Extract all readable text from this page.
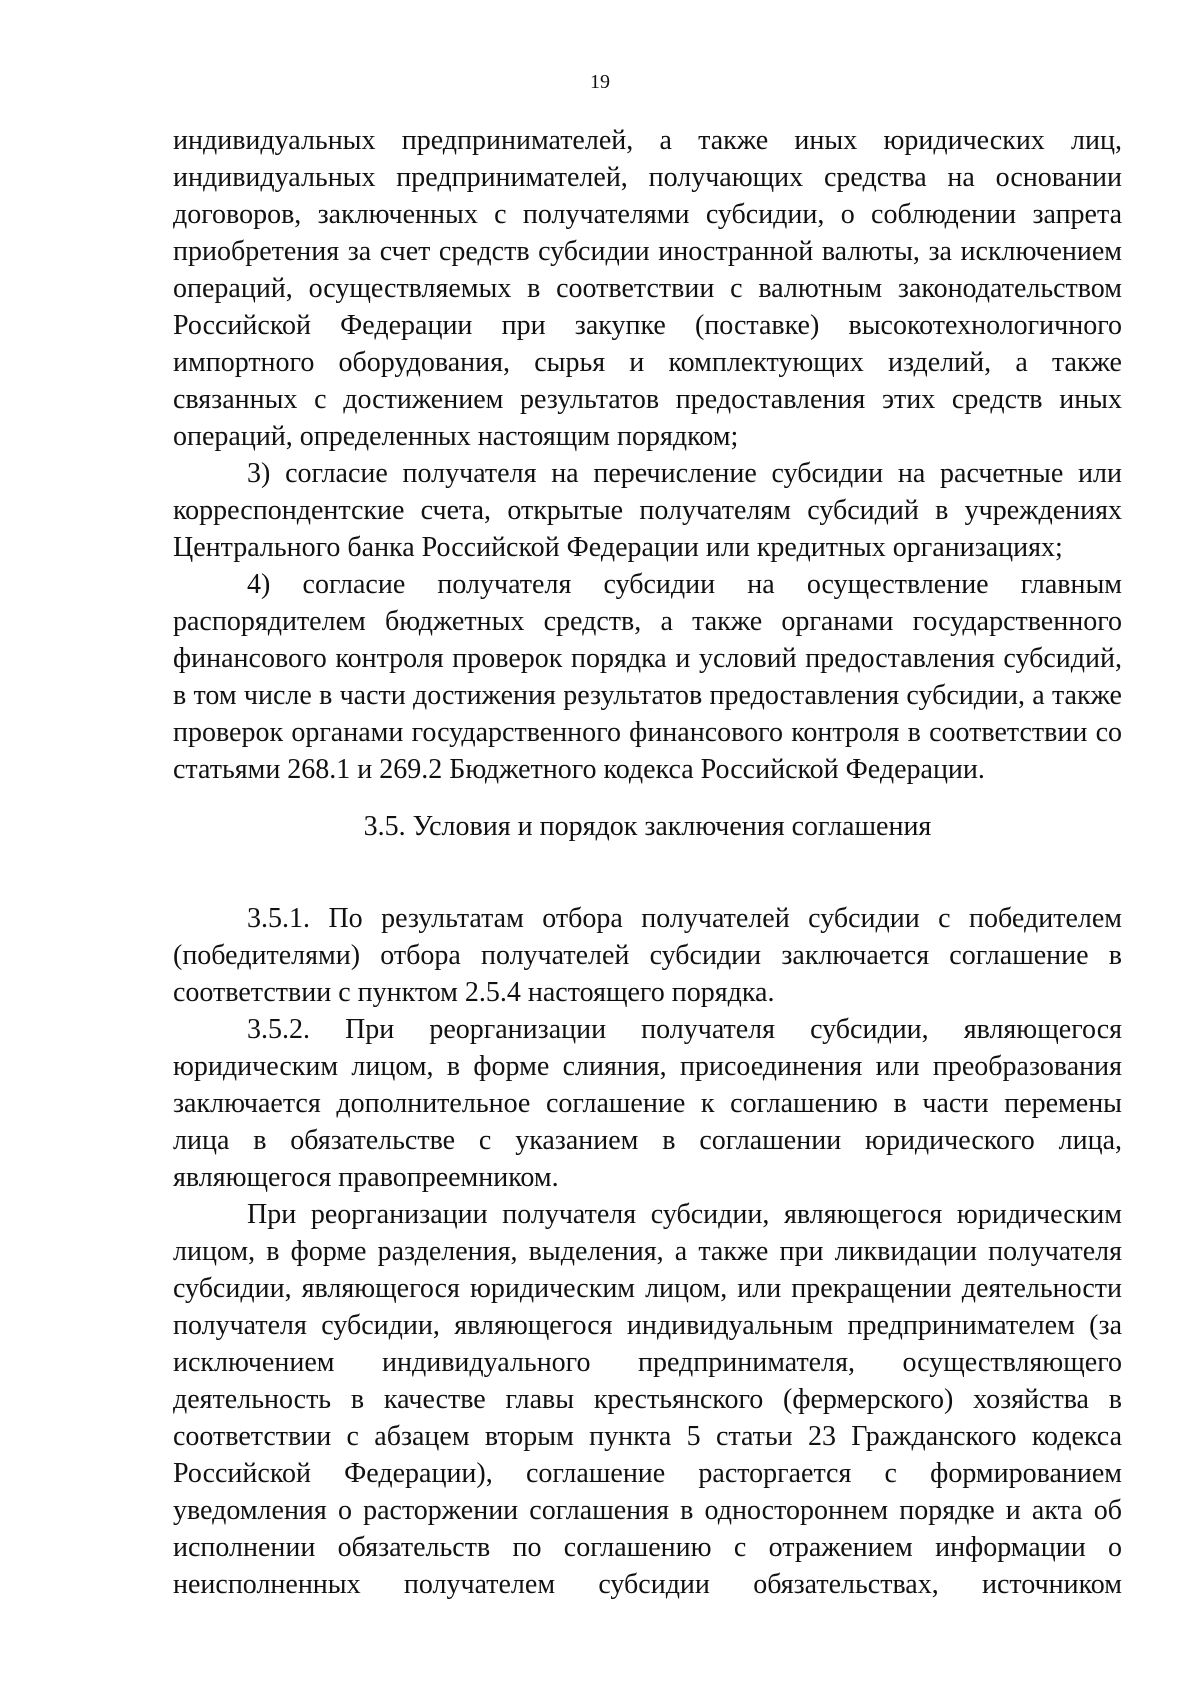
19

индивидуальных предпринимателей, а также иных юридических лиц, индивидуальных предпринимателей, получающих средства на основании договоров, заключенных с получателями субсидии, о соблюдении запрета приобретения за счет средств субсидии иностранной валюты, за исключением операций, осуществляемых в соответствии с валютным законодательством Российской Федерации при закупке (поставке) высокотехнологичного импортного оборудования, сырья и комплектующих изделий, а также связанных с достижением результатов предоставления этих средств иных операций, определенных настоящим порядком;

3) согласие получателя на перечисление субсидии на расчетные или корреспондентские счета, открытые получателям субсидий в учреждениях Центрального банка Российской Федерации или кредитных организациях;

4) согласие получателя субсидии на осуществление главным распорядителем бюджетных средств, а также органами государственного финансового контроля проверок порядка и условий предоставления субсидий, в том числе в части достижения результатов предоставления субсидии, а также проверок органами государственного финансового контроля в соответствии со статьями 268.1 и 269.2 Бюджетного кодекса Российской Федерации.

3.5. Условия и порядок заключения соглашения

3.5.1. По результатам отбора получателей субсидии с победителем (победителями) отбора получателей субсидии заключается соглашение в соответствии с пунктом 2.5.4 настоящего порядка.

3.5.2. При реорганизации получателя субсидии, являющегося юридическим лицом, в форме слияния, присоединения или преобразования заключается дополнительное соглашение к соглашению в части перемены лица в обязательстве с указанием в соглашении юридического лица, являющегося правопреемником.

При реорганизации получателя субсидии, являющегося юридическим лицом, в форме разделения, выделения, а также при ликвидации получателя субсидии, являющегося юридическим лицом, или прекращении деятельности получателя субсидии, являющегося индивидуальным предпринимателем (за исключением индивидуального предпринимателя, осуществляющего деятельность в качестве главы крестьянского (фермерского) хозяйства в соответствии с абзацем вторым пункта 5 статьи 23 Гражданского кодекса Российской Федерации), соглашение расторгается с формированием уведомления о расторжении соглашения в одностороннем порядке и акта об исполнении обязательств по соглашению с отражением информации о неисполненных получателем субсидии обязательствах, источником
